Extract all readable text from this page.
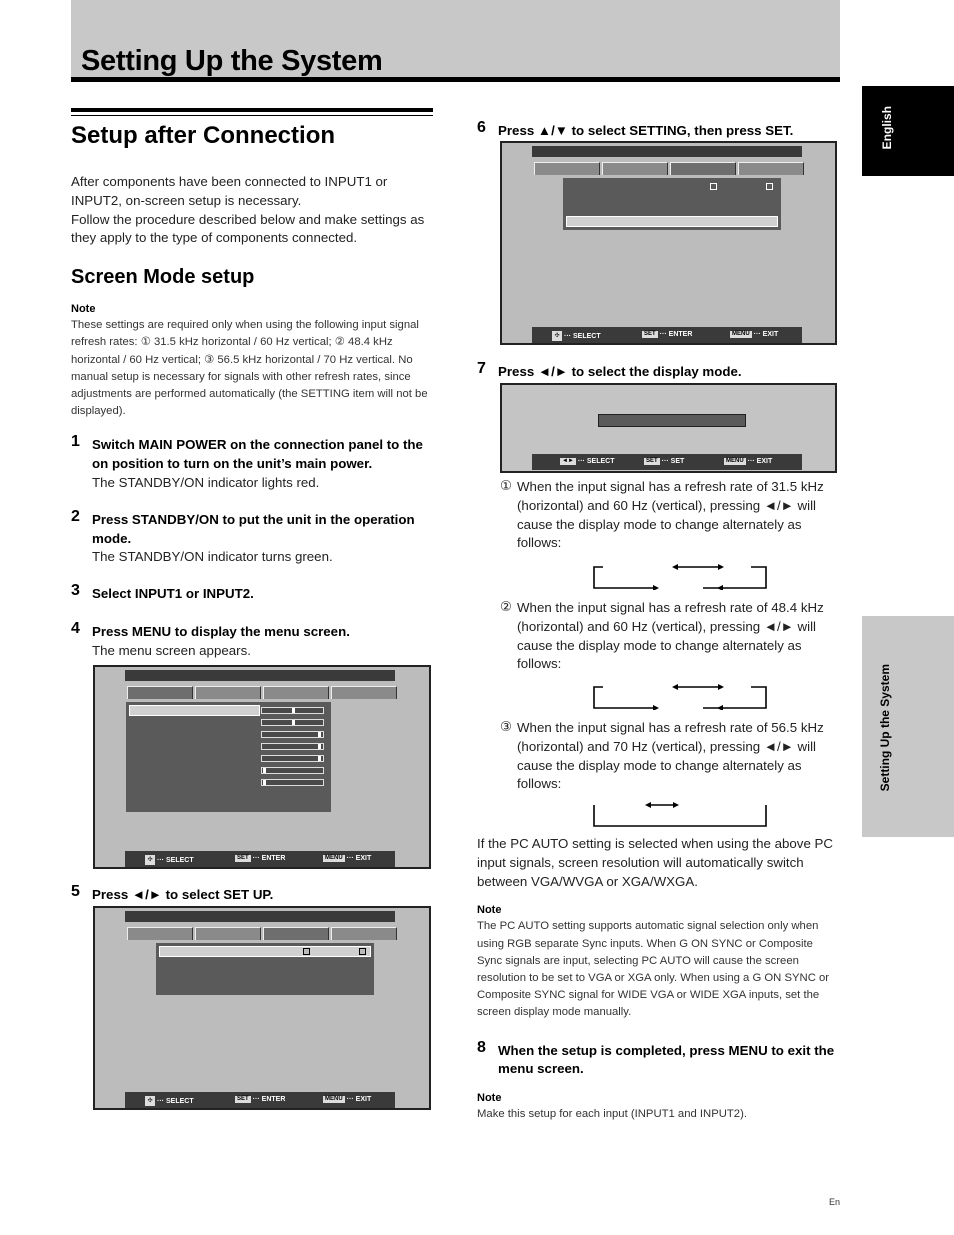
Setting Up the System
English
Setting Up the System
Setup after Connection

After components have been connected to INPUT1 or INPUT2, on-screen setup is necessary.

Follow the procedure described below and make settings as they apply to the type of components connected.

Screen Mode setup
Note

These settings are required only when using the following input signal refresh rates: ① 31.5 kHz horizontal / 60 Hz vertical; ② 48.4 kHz horizontal / 60 Hz vertical; ③ 56.5 kHz horizontal / 70 Hz vertical. No manual setup is necessary for signals with other refresh rates, since adjustments are performed automatically (the SETTING item will not be displayed).

1 Switch MAIN POWER on the connection panel to the on position to turn on the unit’s main power.
The STANDBY/ON indicator lights red.
2 Press STANDBY/ON to put the unit in the operation mode.
The STANDBY/ON indicator turns green.
3 Select INPUT1 or INPUT2.
4 Press MENU to display the menu screen.
The menu screen appears.
✣ ··· SELECT	SET ··· ENTER	MENU ··· EXIT
5 Press ◄/► to select SET UP.
✣ ··· SELECT	SET ··· ENTER	MENU ··· EXIT
6 Press ▲/▼ to select SETTING, then press SET.
✣ ··· SELECT	SET ··· ENTER	MENU ··· EXIT
7 Press ◄/► to select the display mode.
◄► ··· SELECT	SET ··· SET	MENU ··· EXIT
① When the input signal has a refresh rate of 31.5 kHz (horizontal) and 60 Hz (vertical), pressing ◄/► will cause the display mode to change alternately as follows:

② When the input signal has a refresh rate of 48.4 kHz (horizontal) and 60 Hz (vertical), pressing ◄/► will cause the display mode to change alternately as follows:

③ When the input signal has a refresh rate of 56.5 kHz (horizontal) and 70 Hz (vertical), pressing ◄/► will cause the display mode to change alternately as follows:

If the PC AUTO setting is selected when using the above PC input signals, screen resolution will automatically switch between VGA/WVGA or XGA/WXGA.

Note

The PC AUTO setting supports automatic signal selection only when using RGB separate Sync inputs. When G ON SYNC or Composite Sync signals are input, selecting PC AUTO will cause the screen resolution to be set to VGA or XGA only. When using a G ON SYNC or Composite SYNC signal for WIDE VGA or WIDE XGA inputs, set the screen display mode manually.

8 When the setup is completed, press MENU to exit the menu screen.
Note

Make this setup for each input (INPUT1 and INPUT2).

En
